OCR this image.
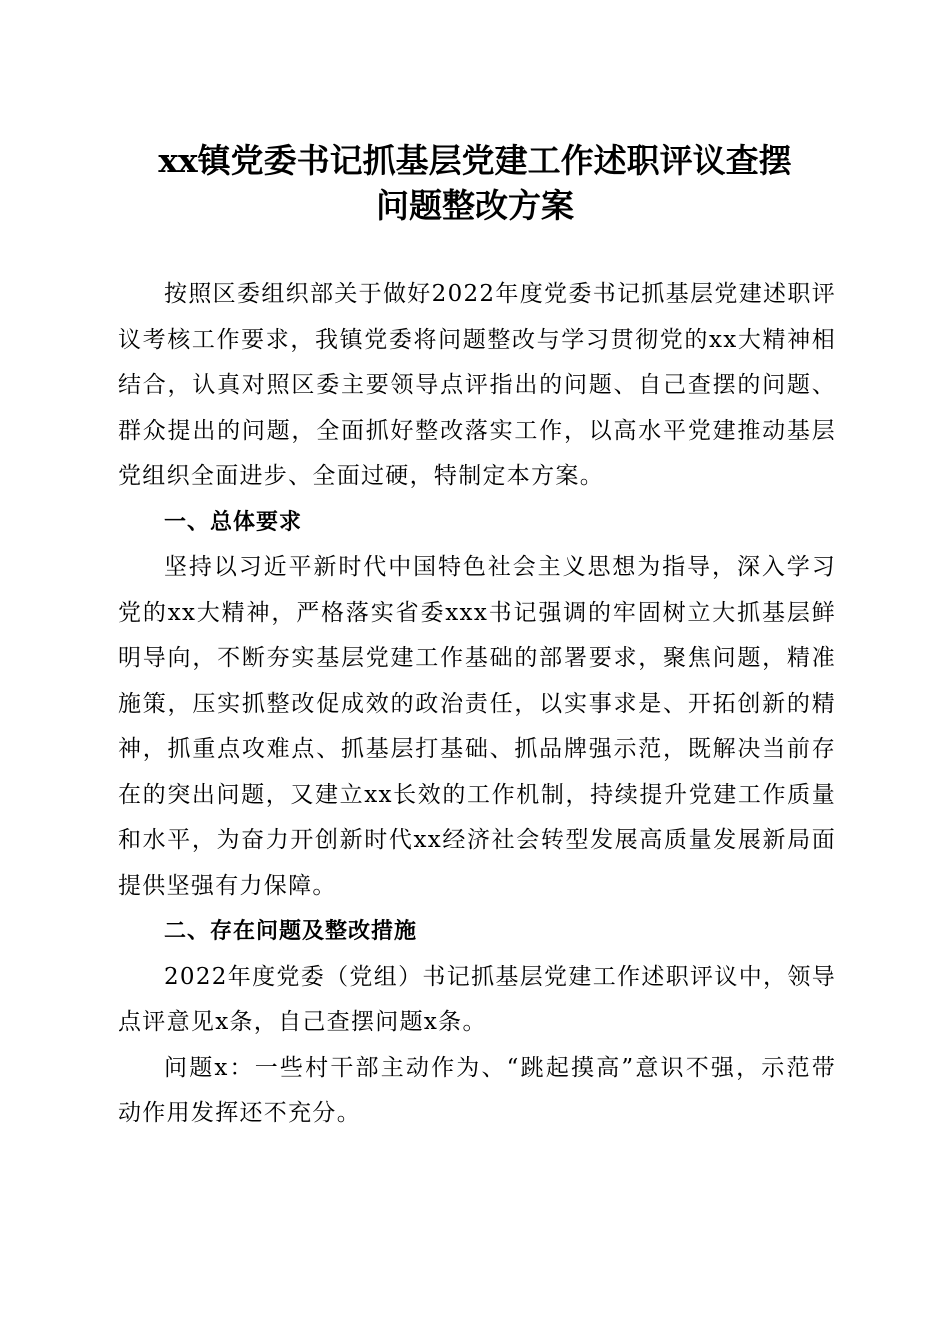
xx镇党委书记抓基层党建工作述职评议查摆
问题整改方案

按照区委组织部关于做好2022年度党委书记抓基层党建述职评议考核工作要求，我镇党委将问题整改与学习贯彻党的xx大精神相结合，认真对照区委主要领导点评指出的问题、自己查摆的问题、群众提出的问题，全面抓好整改落实工作，以高水平党建推动基层党组织全面进步、全面过硬，特制定本方案。

一、总体要求

坚持以习近平新时代中国特色社会主义思想为指导，深入学习党的xx大精神，严格落实省委xxx书记强调的牢固树立大抓基层鲜明导向，不断夯实基层党建工作基础的部署要求，聚焦问题，精准施策，压实抓整改促成效的政治责任，以实事求是、开拓创新的精神，抓重点攻难点、抓基层打基础、抓品牌强示范，既解决当前存在的突出问题，又建立xx长效的工作机制，持续提升党建工作质量和水平，为奋力开创新时代xx经济社会转型发展高质量发展新局面提供坚强有力保障。

二、存在问题及整改措施

2022年度党委（党组）书记抓基层党建工作述职评议中，领导点评意见x条，自己查摆问题x条。

问题x：一些村干部主动作为、“跳起摸高”意识不强，示范带动作用发挥还不充分。
